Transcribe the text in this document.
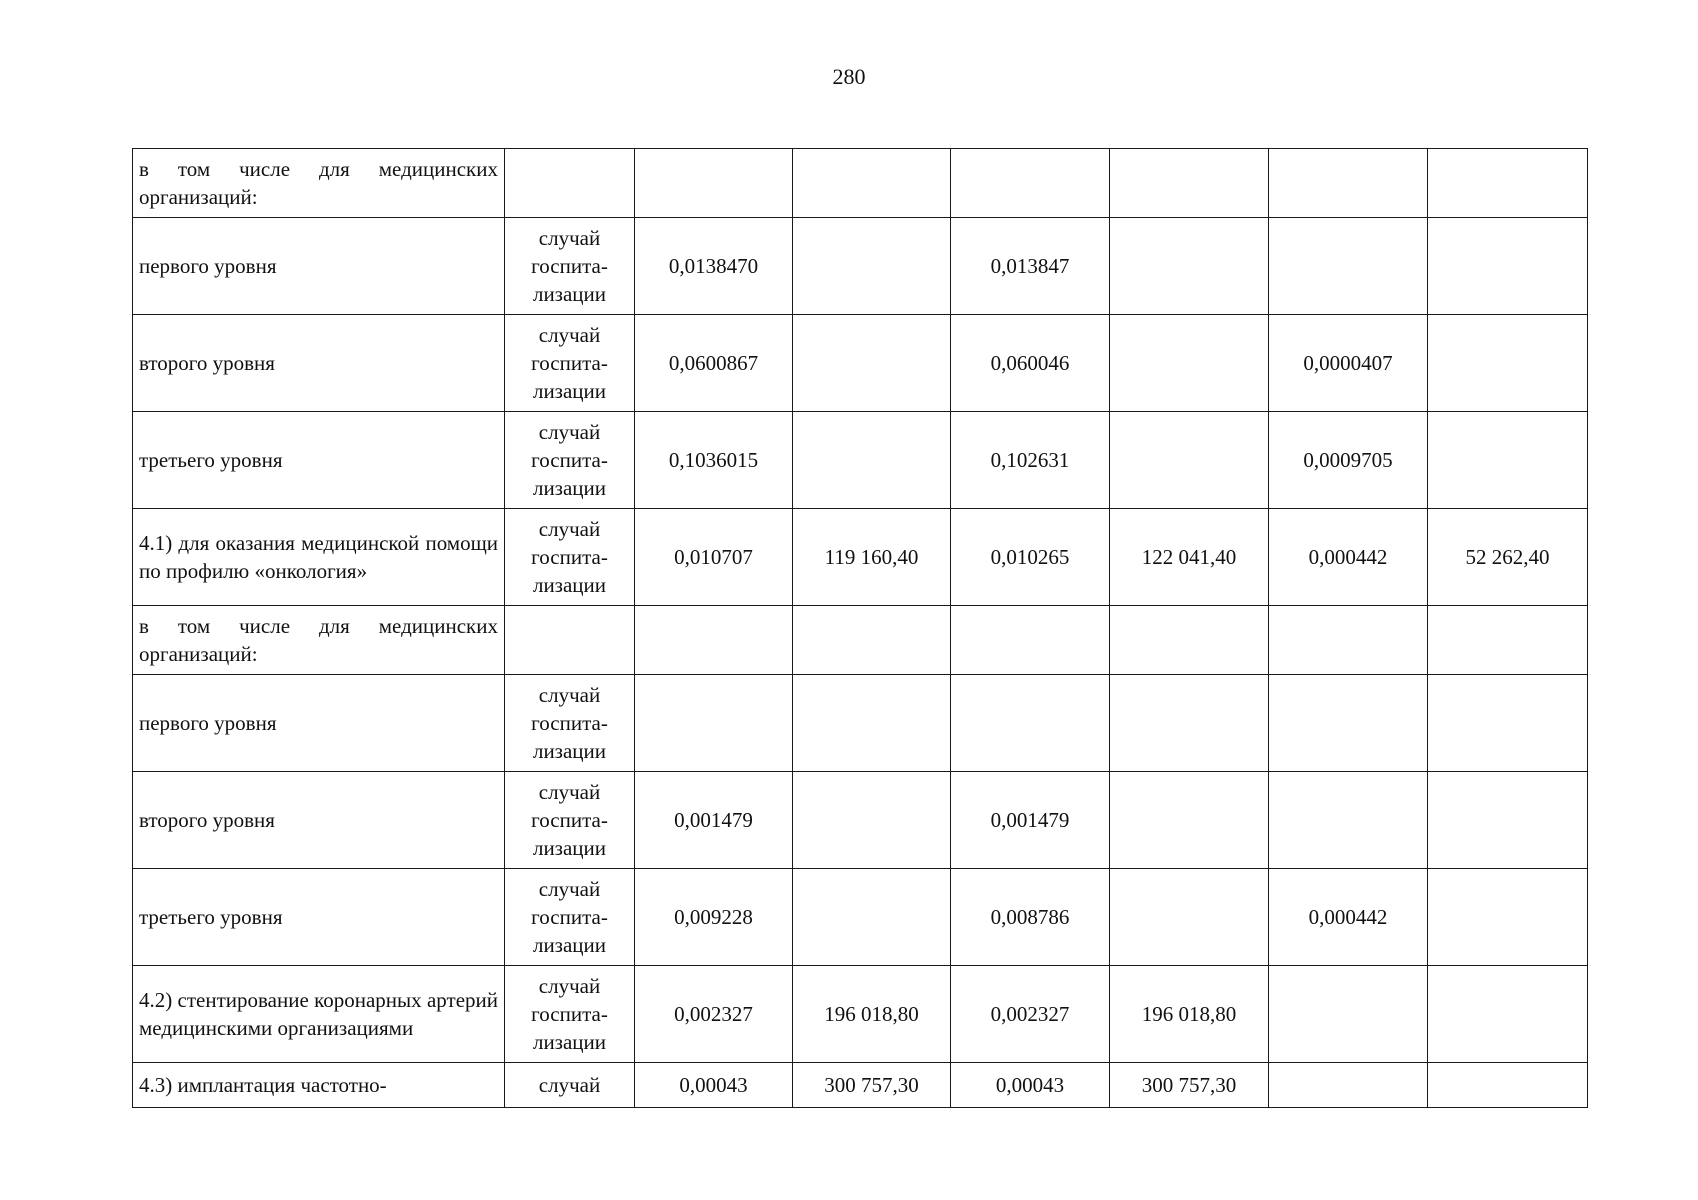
280
в том числе для медицинских организаций:							
первого уровня	случай
госпита-
лизации	0,0138470		0,013847			
второго уровня	случай
госпита-
лизации	0,0600867		0,060046		0,0000407	
третьего уровня	случай
госпита-
лизации	0,1036015		0,102631		0,0009705	
4.1) для оказания медицинской помощи по профилю «онкология»	случай
госпита-
лизации	0,010707	119 160,40	0,010265	122 041,40	0,000442	52 262,40
в том числе для медицинских организаций:							
первого уровня	случай
госпита-
лизации						

второго уровня	случай
госпита-
лизации	0,001479		0,001479			
третьего уровня	случай
госпита-
лизации	0,009228		0,008786		0,000442	
4.2) стентирование коронарных артерий медицинскими организациями	случай
госпита-
лизации	0,002327	196 018,80	0,002327	196 018,80		
4.3) имплантация частотно-	случай	0,00043	300 757,30	0,00043	300 757,30		
